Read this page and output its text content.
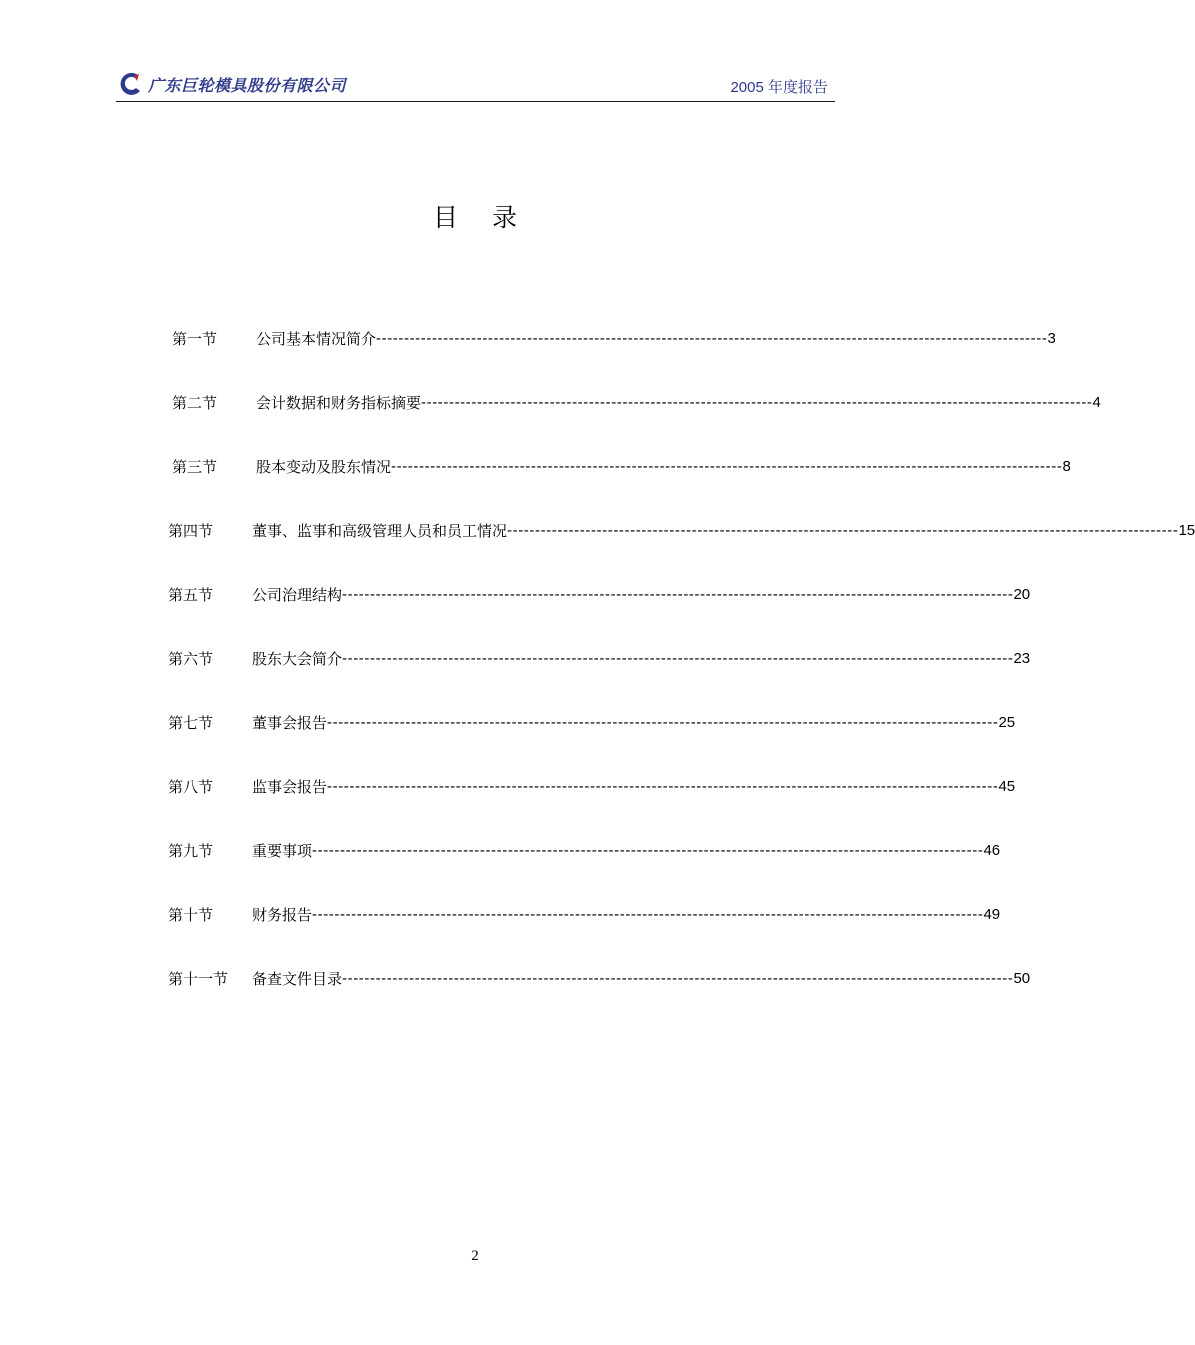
广东巨轮模具股份有限公司	2005 年度报告
目录
第一节	公司基本情况简介 ------------------------------------------------------------------------------------------------------------------------ 3
第二节	会计数据和财务指标摘要 ------------------------------------------------------------------------------------------------------------------------ 4
第三节	股本变动及股东情况 ------------------------------------------------------------------------------------------------------------------------ 8
第四节	董事、监事和高级管理人员和员工情况 ------------------------------------------------------------------------------------------------------------------------ 15
第五节	公司治理结构 ------------------------------------------------------------------------------------------------------------------------ 20
第六节	股东大会简介 ------------------------------------------------------------------------------------------------------------------------ 23
第七节	董事会报告 ------------------------------------------------------------------------------------------------------------------------ 25
第八节	监事会报告 ------------------------------------------------------------------------------------------------------------------------ 45
第九节	重要事项 ------------------------------------------------------------------------------------------------------------------------ 46
第十节	财务报告 ------------------------------------------------------------------------------------------------------------------------ 49
第十一节 备查文件目录 ------------------------------------------------------------------------------------------------------------------------ 50
2
